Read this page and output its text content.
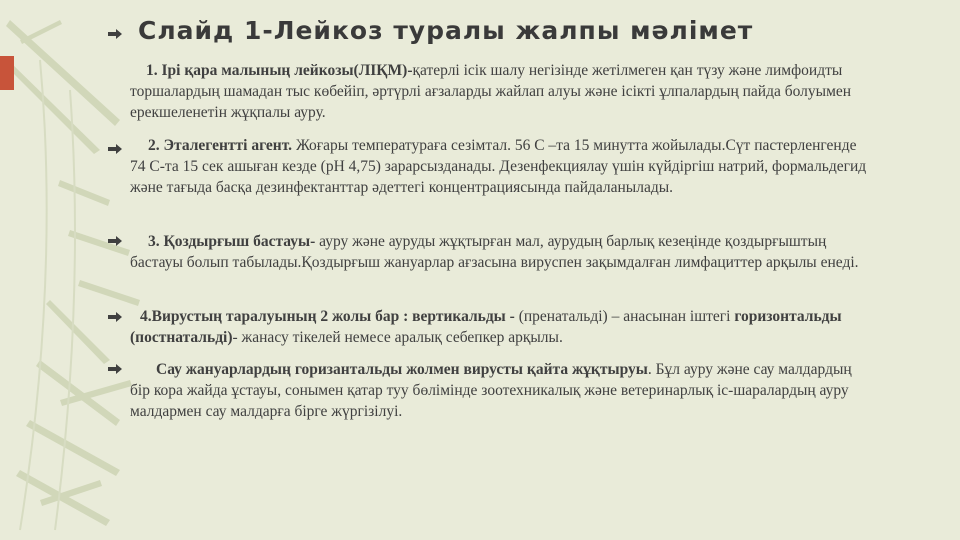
Слайд 1-Лейкоз туралы жалпы мәлімет
1. Ірі қара малының лейкозы(ЛІҚМ)-қатерлі ісік шалу негізінде жетілмеген қан түзу және лимфоидты торшалардың шамадан тыс көбейіп, әртүрлі ағзаларды жайлап алуы және ісікті ұлпалардың пайда болуымен ерекшеленетін жұқпалы ауру.
2. Эталегентті агент. Жоғары температураға сезімтал. 56 С –та 15 минутта жойылады.Сүт пастерленгенде 74 С-та 15 сек ашыған кезде (рН 4,75) зарарсызданады. Дезенфекциялау үшін күйдіргіш натрий, формальдегид және тағыда басқа дезинфектанттар әдеттегі концентрациясында пайдаланылады.
3. Қоздырғыш бастауы- ауру және ауруды жұқтырған мал, аурудың барлық кезеңінде қоздырғыштың бастауы болып табылады.Қоздырғыш жануарлар ағзасына вируспен зақымдалған лимфациттер арқылы енеді.
4.Вирустың таралуының 2 жолы бар : вертикальды - (пренатальді) – анасынан іштегі горизонтальды (постнатальді)- жанасу тікелей немесе аралық себепкер арқылы.
Сау жануарлардың горизантальды жолмен вирусты қайта жұқтыруы. Бұл ауру және сау малдардың бір кора жайда ұстауы, сонымен қатар туу бөлімінде зоотехникалық және ветеринарлық іс-шаралардың ауру малдармен сау малдарға бірге жүргізілуі.
